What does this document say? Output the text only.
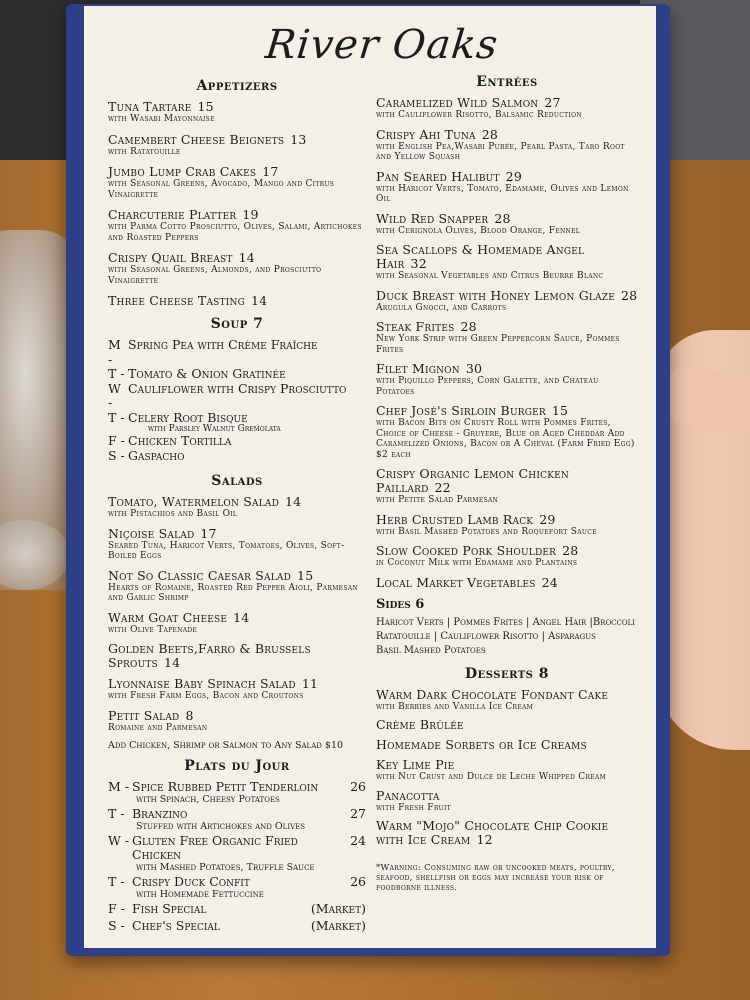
River Oaks
Appetizers
Tuna Tartare 15
with Wasabi Mayonnaise
Camembert Cheese Beignets 13
with Ratatouille
Jumbo Lump Crab Cakes 17
with Seasonal Greens, Avocado, Mango and Citrus Vinaigrette
Charcuterie Platter 19
with Parma Cotto Prosciutto, Olives, Salami, Artichokes and Roasted Peppers
Crispy Quail Breast 14
with Seasonal Greens, Almonds, and Prosciutto Vinaigrette
Three Cheese Tasting 14
Soup 7
M -
Spring Pea with Crème Fraîche
T - Tomato & Onion Gratinée
W -
Cauliflower with Crispy Prosciutto
T - Celery Root Bisque
with Parsley Walnut Gremolata
F - Chicken Tortilla
S - Gaspacho
Salads
Tomato, Watermelon Salad 14
with Pistachios and Basil Oil
Niçoise Salad 17
Seared Tuna, Haricot Verts, Tomatoes, Olives, Soft-Boiled Eggs
Not So Classic Caesar Salad 15
Hearts of Romaine, Roasted Red Pepper Aioli, Parmesan and Garlic Shrimp
Warm Goat Cheese 14
with Olive Tapenade
Golden Beets,Farro & Brussels Sprouts 14
Lyonnaise Baby Spinach Salad 11
with Fresh Farm Eggs, Bacon and Croutons
Petit Salad 8
Romaine and Parmesan
Add Chicken, Shrimp or Salmon to Any Salad $10
Plats du Jour
M - Spice Rubbed Petit Tenderloin	26
with Spinach, Cheesy Potatoes
T - Branzino	27
Stuffed with Artichokes and Olives
W - Gluten Free Organic Fried Chicken
24
with Mashed Potatoes, Truffle Sauce
T - Crispy Duck Confit	26
with Homemade Fettuccine
F - Fish Special	(Market)
S - Chef's Special	(Market)
Entrées
Caramelized Wild Salmon 27
with Cauliflower Risotto, Balsamic Reduction
Crispy Ahi Tuna 28
with English Pea,Wasabi Purée, Pearl Pasta, Taro Root and Yellow Squash
Pan Seared Halibut 29
with Haricot Verts, Tomato, Edamame, Olives and Lemon Oil
Wild Red Snapper 28
with Cerignola Olives, Blood Orange, Fennel
Sea Scallops & Homemade Angel Hair 32
with Seasonal Vegetables and Citrus Beurre Blanc
Duck Breast with Honey Lemon Glaze 28
Arugula Gnocci, and Carrots
Steak Frites 28
New York Strip with Green Peppercorn Sauce, Pommes Frites
Filet Mignon 30
with Piquillo Peppers, Corn Galette, and Chateau Potatoes
Chef José's Sirloin Burger 15
with Bacon Bits on Crusty Roll with Pommes Frites, Choice of Cheese - Gruyere, Blue or Aged Cheddar Add Caramelized Onions, Bacon or A Cheval (Farm Fried Egg) $2 each
Crispy Organic Lemon Chicken Paillard 22
with Petite Salad Parmesan
Herb Crusted Lamb Rack 29
with Basil Mashed Potatoes and Roquefort Sauce
Slow Cooked Pork Shoulder 28
in Coconut Milk with Edamame and Plantains
Local Market Vegetables 24
Sides 6
Haricot Verts | Pommes Frites | Angel Hair |Broccoli
Ratatouille | Cauliflower Risotto | Asparagus
Basil Mashed Potatoes
Desserts 8
Warm Dark Chocolate Fondant Cake
with Berries and Vanilla Ice Cream
Crème Brûlée
Homemade Sorbets or Ice Creams
Key Lime Pie
with Nut Crust and Dulce de Leche Whipped Cream
Panacotta
with Fresh Fruit
Warm "Mojo" Chocolate Chip Cookie with Ice Cream 12
*Warning: Consuming raw or uncooked meats, poultry, seafood, shellfish or eggs may increase your risk of foodborne illness.
